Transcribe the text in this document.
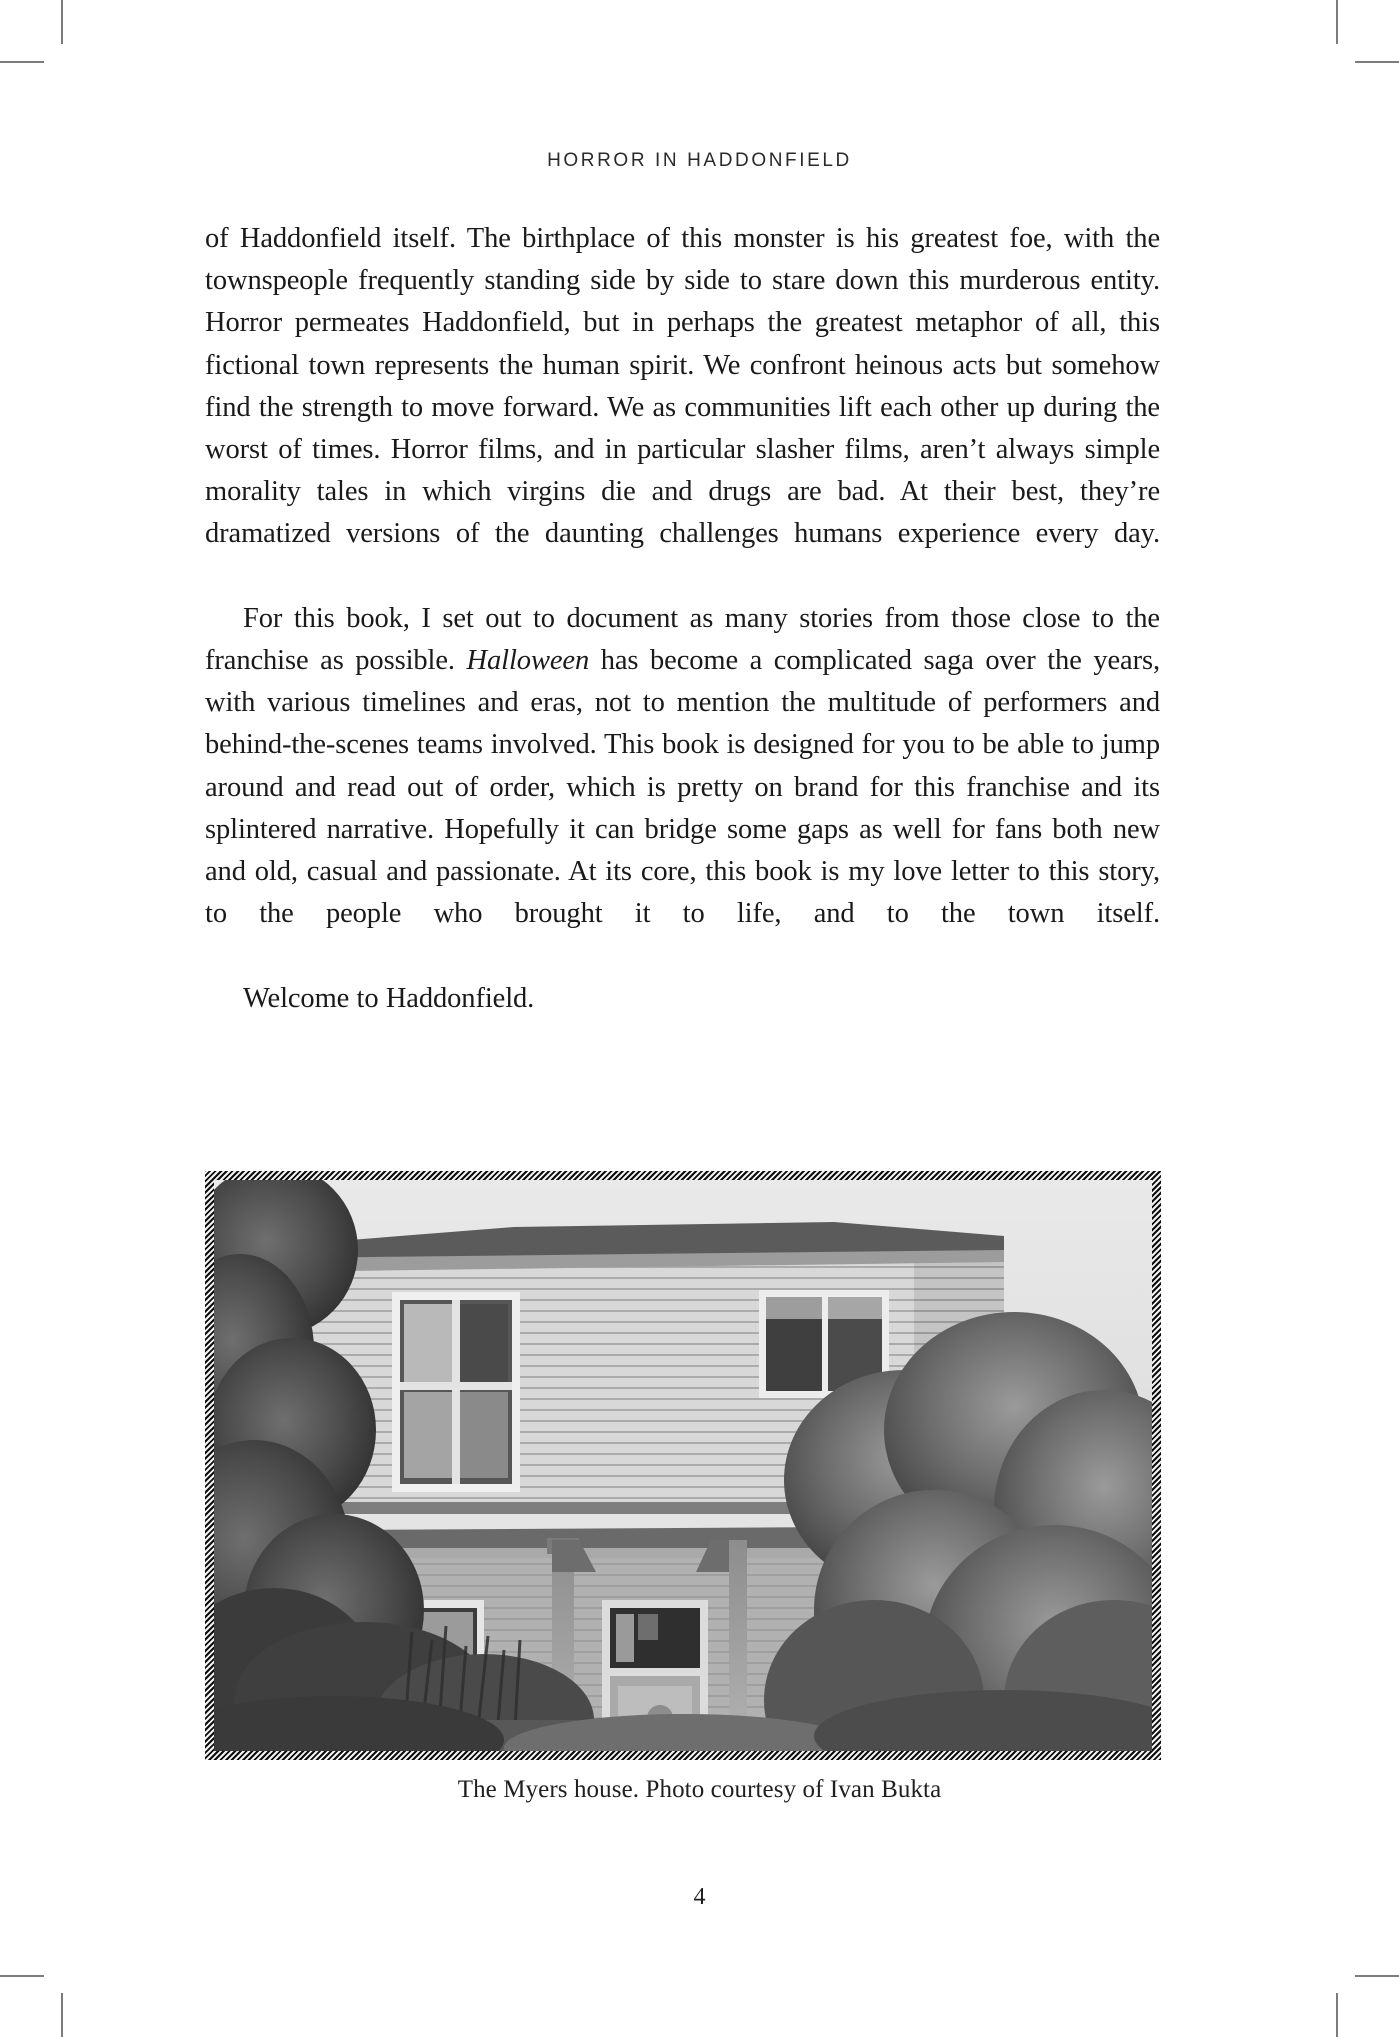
HORROR IN HADDONFIELD

of Haddonfield itself. The birthplace of this monster is his greatest foe, with the townspeople frequently standing side by side to stare down this murderous entity. Horror permeates Haddonfield, but in perhaps the greatest metaphor of all, this fictional town represents the human spirit. We confront heinous acts but somehow find the strength to move forward. We as communities lift each other up during the worst of times. Horror films, and in particular slasher films, aren’t always simple morality tales in which virgins die and drugs are bad. At their best, they’re dramatized versions of the daunting challenges humans experience every day.

For this book, I set out to document as many stories from those close to the franchise as possible. Halloween has become a complicated saga over the years, with various timelines and eras, not to mention the multitude of performers and behind-the-scenes teams involved. This book is designed for you to be able to jump around and read out of order, which is pretty on brand for this franchise and its splintered narrative. Hopefully it can bridge some gaps as well for fans both new and old, casual and passionate. At its core, this book is my love letter to this story, to the people who brought it to life, and to the town itself.

Welcome to Haddonfield.

The Myers house. Photo courtesy of Ivan Bukta
4
